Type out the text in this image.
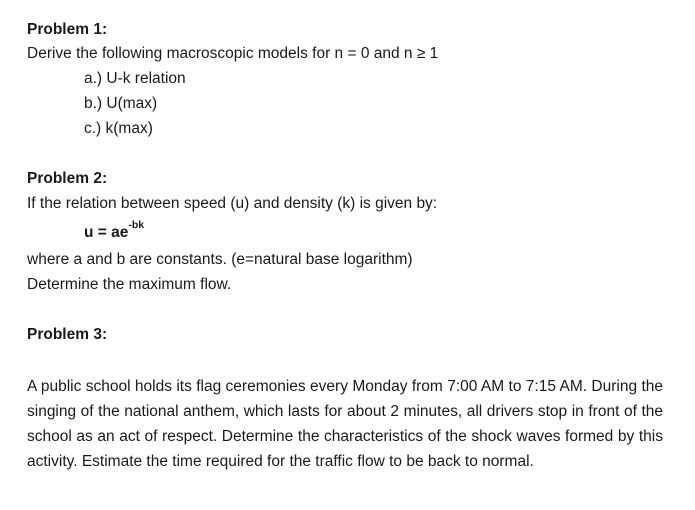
Problem 1:
Derive the following macroscopic models for n = 0 and n ≥ 1
a.) U-k relation
b.) U(max)
c.) k(max)
Problem 2:
If the relation between speed (u) and density (k) is given by:
$u = ae^{-bk}$
where a and b are constants. (e=natural base logarithm)
Determine the maximum flow.
Problem 3:
A public school holds its flag ceremonies every Monday from 7:00 AM to 7:15 AM. During the singing of the national anthem, which lasts for about 2 minutes, all drivers stop in front of the school as an act of respect. Determine the characteristics of the shock waves formed by this activity. Estimate the time required for the traffic flow to be back to normal.
